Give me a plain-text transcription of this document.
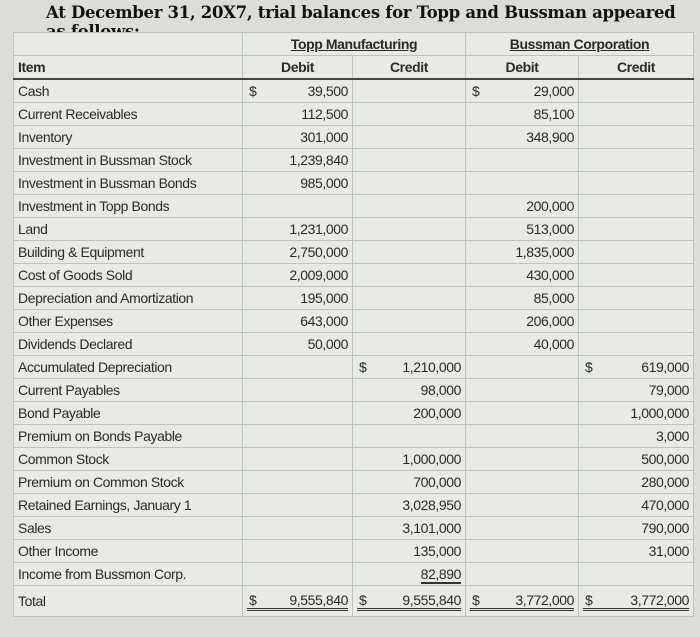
At December 31, 20X7, trial balances for Topp and Bussman appeared
	Topp Manufacturing		Bussman Corporation	
Item	Debit	Credit	Debit	Credit
Cash	$ 39,500		$ 29,000	
Current Receivables	112,500		85,100	
Inventory	301,000		348,900	
Investment in Bussman Stock	1,239,840			
Investment in Bussman Bonds	985,000			
Investment in Topp Bonds			200,000	
Land	1,231,000		513,000	
Building & Equipment	2,750,000		1,835,000	
Cost of Goods Sold	2,009,000		430,000	
Depreciation and Amortization	195,000		85,000	
Other Expenses	643,000		206,000	
Dividends Declared	50,000		40,000	
Accumulated Depreciation		$ 1,210,000		$ 619,000
Current Payables		98,000		79,000
Bond Payable		200,000		1,000,000
Premium on Bonds Payable				3,000
Common Stock		1,000,000		500,000
Premium on Common Stock		700,000		280,000
Retained Earnings, January 1		3,028,950		470,000
Sales		3,101,000		790,000
Other Income		135,000		31,000
Income from Bussmon Corp.		82,890		
Total	$ 9,555,840	$ 9,555,840	$ 3,772,000	$ 3,772,000
